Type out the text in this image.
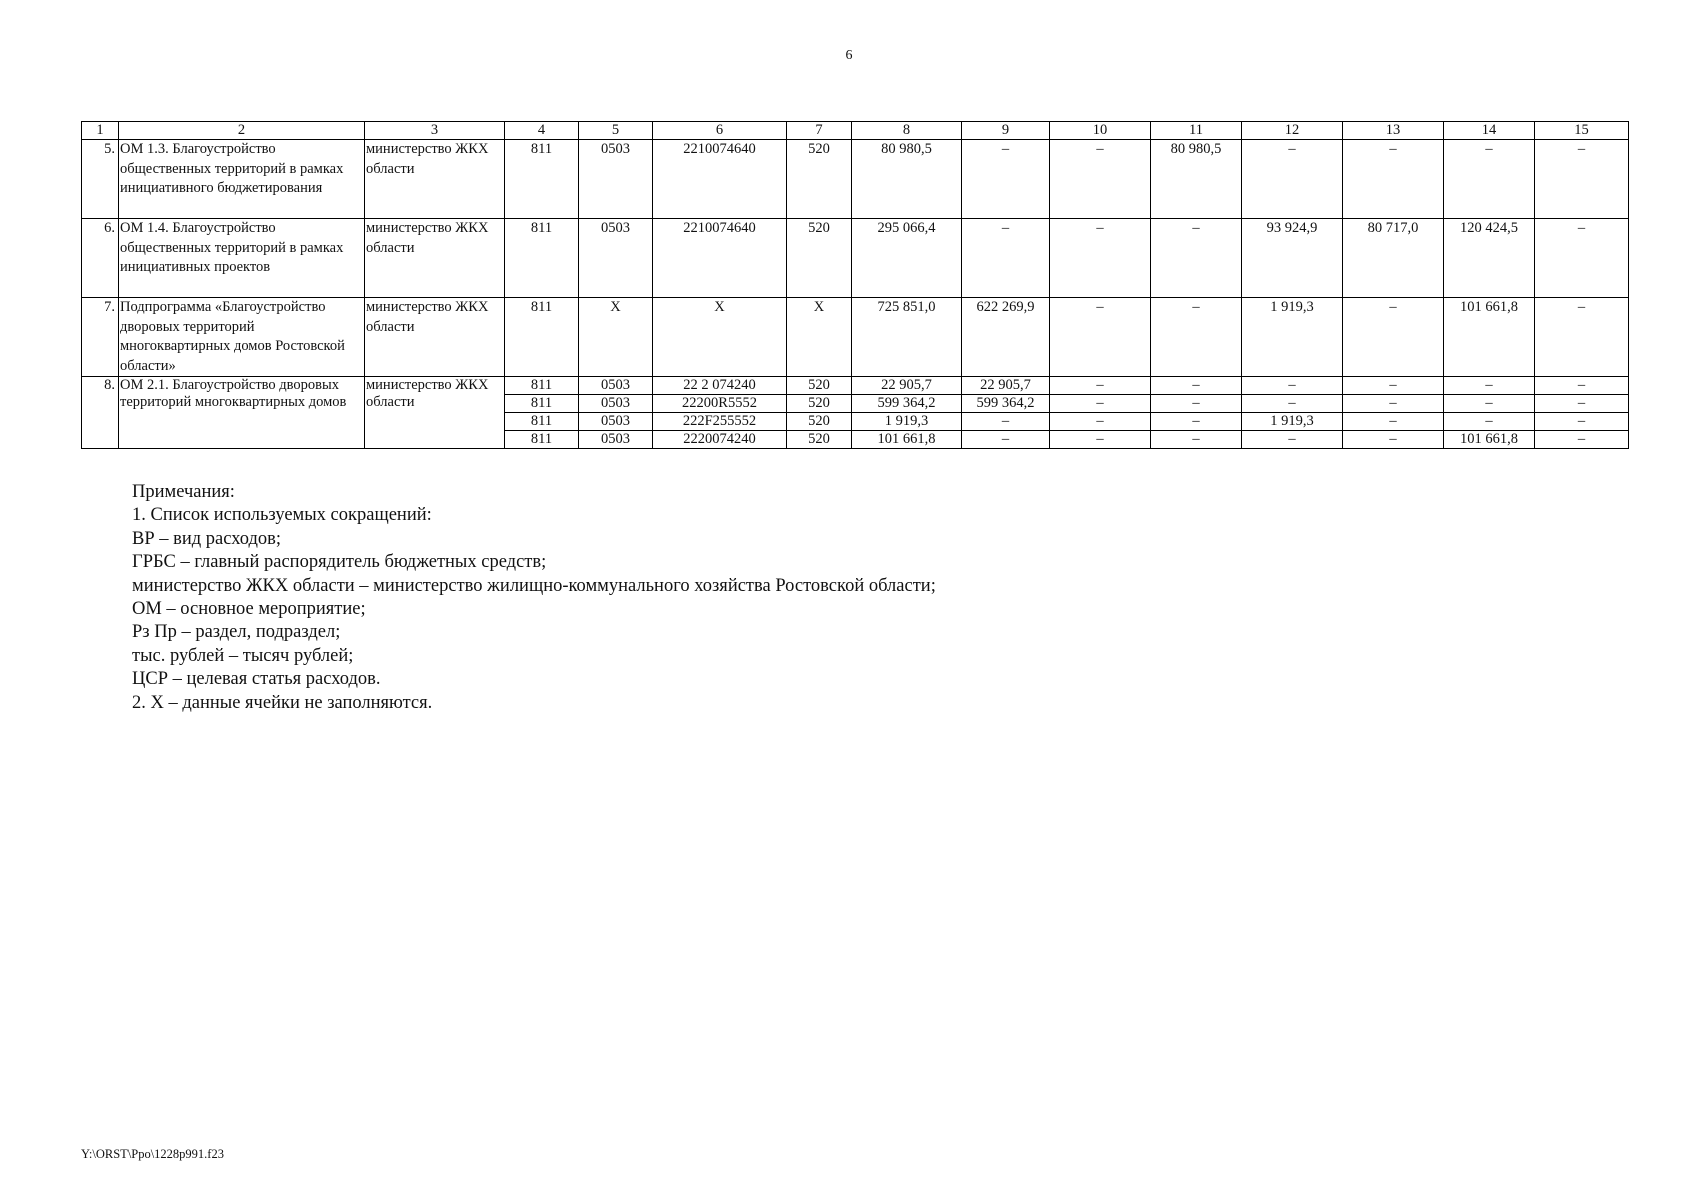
6
1	2	3	4	5	6	7	8	9	10	11	12	13	14	15
5.	ОМ 1.3. Благоустройство общественных территорий в рамках инициативного бюджетирования	министерство ЖКХ области	811	0503	2210074640	520	80 980,5	–	–	80 980,5	–	–	–	–
6.	ОМ 1.4. Благоустройство общественных территорий в рамках инициативных проектов	министерство ЖКХ области	811	0503	2210074640	520	295 066,4	–	–	–	93 924,9	80 717,0	120 424,5	–
7.	Подпрограмма «Благоустройство дворовых территорий многоквартирных домов Ростовской области»	министерство ЖКХ области	811	X	X	X	725 851,0	622 269,9	–	–	1 919,3	–	101 661,8	–
8.	ОМ 2.1. Благоустройство дворовых территорий многоквартирных домов	министерство ЖКХ области	811	0503	22 2 074240	520	22 905,7	22 905,7	–	–	–	–	–	–
			811	0503	22200R5552	520	599 364,2	599 364,2	–	–	–	–	–	–
			811	0503	222F255552	520	1 919,3	–	–	–	1 919,3	–	–	–
			811	0503	2220074240	520	101 661,8	–	–	–	–	–	101 661,8	–
Примечания:
1. Список используемых сокращений:
ВР – вид расходов;
ГРБС – главный распорядитель бюджетных средств;
министерство ЖКХ области – министерство жилищно-коммунального хозяйства Ростовской области;
ОМ – основное мероприятие;
Рз Пр – раздел, подраздел;
тыс. рублей – тысяч рублей;
ЦСР – целевая статья расходов.
2. X – данные ячейки не заполняются.
Y:\ORST\Ppo\1228p991.f23
